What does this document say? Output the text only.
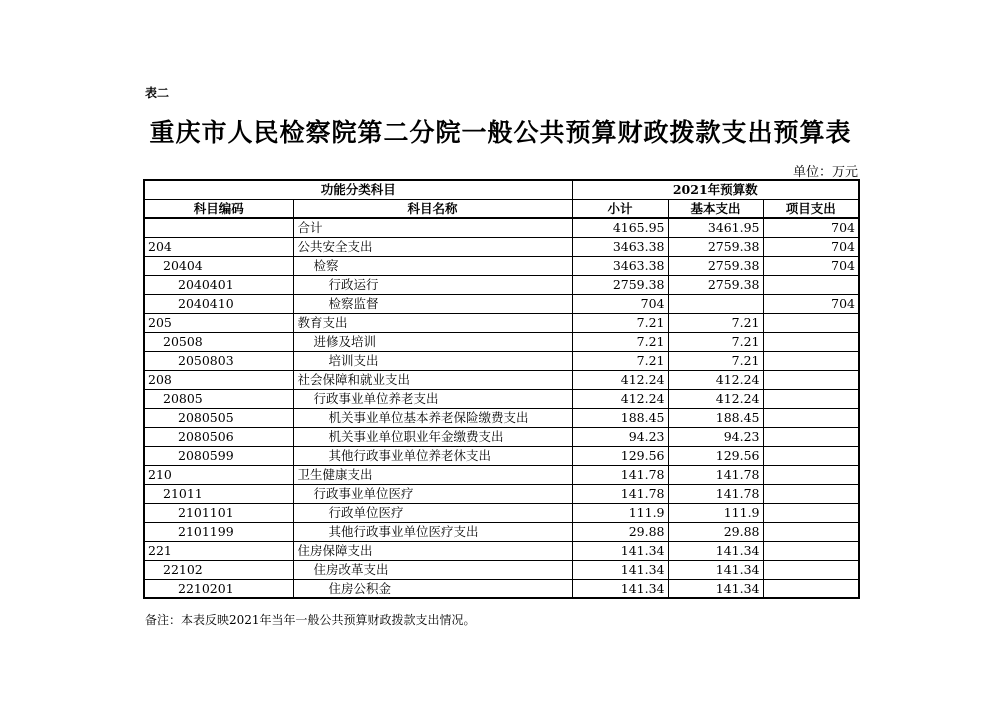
表二
重庆市人民检察院第二分院一般公共预算财政拨款支出预算表
单位：万元
功能分类科目		2021年预算数		
科目编码	科目名称	小计	基本支出	项目支出
	合计	4165.95	3461.95	704
204	公共安全支出	3463.38	2759.38	704
20404	检察	3463.38	2759.38	704
2040401	行政运行	2759.38	2759.38	
2040410	检察监督	704		704
205	教育支出	7.21	7.21	
20508	进修及培训	7.21	7.21	
2050803	培训支出	7.21	7.21	
208	社会保障和就业支出	412.24	412.24	
20805	行政事业单位养老支出	412.24	412.24	
2080505	机关事业单位基本养老保险缴费支出	188.45	188.45	
2080506	机关事业单位职业年金缴费支出	94.23	94.23	
2080599	其他行政事业单位养老休支出	129.56	129.56	
210	卫生健康支出	141.78	141.78	
21011	行政事业单位医疗	141.78	141.78	
2101101	行政单位医疗	111.9	111.9	
2101199	其他行政事业单位医疗支出	29.88	29.88	
221	住房保障支出	141.34	141.34	
22102	住房改革支出	141.34	141.34	
2210201	住房公积金	141.34	141.34	
备注：本表反映2021年当年一般公共预算财政拨款支出情况。
